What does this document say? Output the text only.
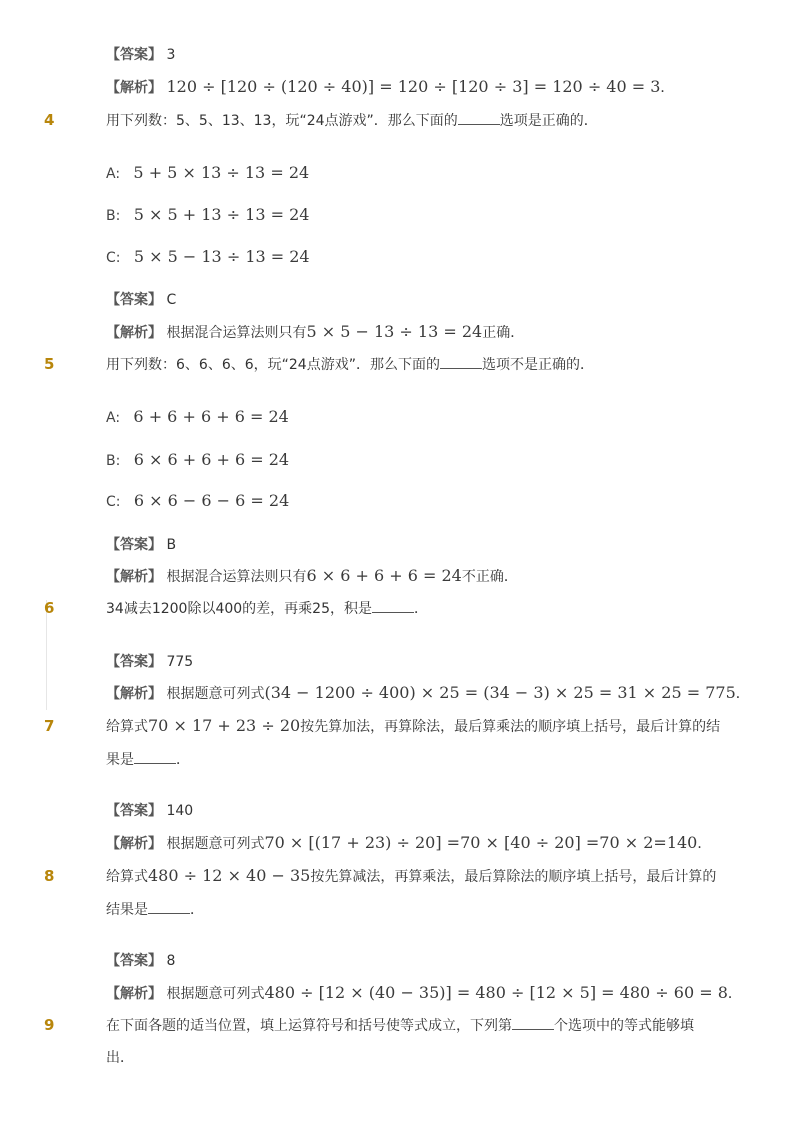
【答案】 3
【解析】 120 ÷ [120 ÷ (120 ÷ 40)] = 120 ÷ [120 ÷ 3] = 120 ÷ 40 = 3．
4	用下列数：5、5、13、13，玩“24点游戏”．那么下面的	选项是正确的．
A: 5 + 5 × 13 ÷ 13 = 24
B: 5 × 5 + 13 ÷ 13 = 24
C: 5 × 5 − 13 ÷ 13 = 24
【答案】 C
【解析】 根据混合运算法则只有5 × 5 − 13 ÷ 13 = 24正确．
5	用下列数：6、6、6、6，玩“24点游戏”．那么下面的	选项不是正确的．
A: 6 + 6 + 6 + 6 = 24
B: 6 × 6 + 6 + 6 = 24
C: 6 × 6 − 6 − 6 = 24
【答案】 B
【解析】 根据混合运算法则只有6 × 6 + 6 + 6 = 24不正确．
6	34减去1200除以400的差，再乘25，积是	．
【答案】 775
【解析】 根据题意可列式(34 − 1200 ÷ 400) × 25 = (34 − 3) × 25 = 31 × 25 = 775．
7	给算式70 × 17 + 23 ÷ 20按先算加法，再算除法，最后算乘法的顺序填上括号，最后计算的结
果是	．
【答案】 140
【解析】 根据题意可列式70 × [(17 + 23) ÷ 20] =70 × [40 ÷ 20] =70 × 2=140．
8	给算式480 ÷ 12 × 40 − 35按先算减法，再算乘法，最后算除法的顺序填上括号，最后计算的
结果是	．
【答案】 8
【解析】 根据题意可列式480 ÷ [12 × (40 − 35)] = 480 ÷ [12 × 5] = 480 ÷ 60 = 8．
9	在下面各题的适当位置，填上运算符号和括号使等式成立，下列第	个选项中的等式能够填
出．
